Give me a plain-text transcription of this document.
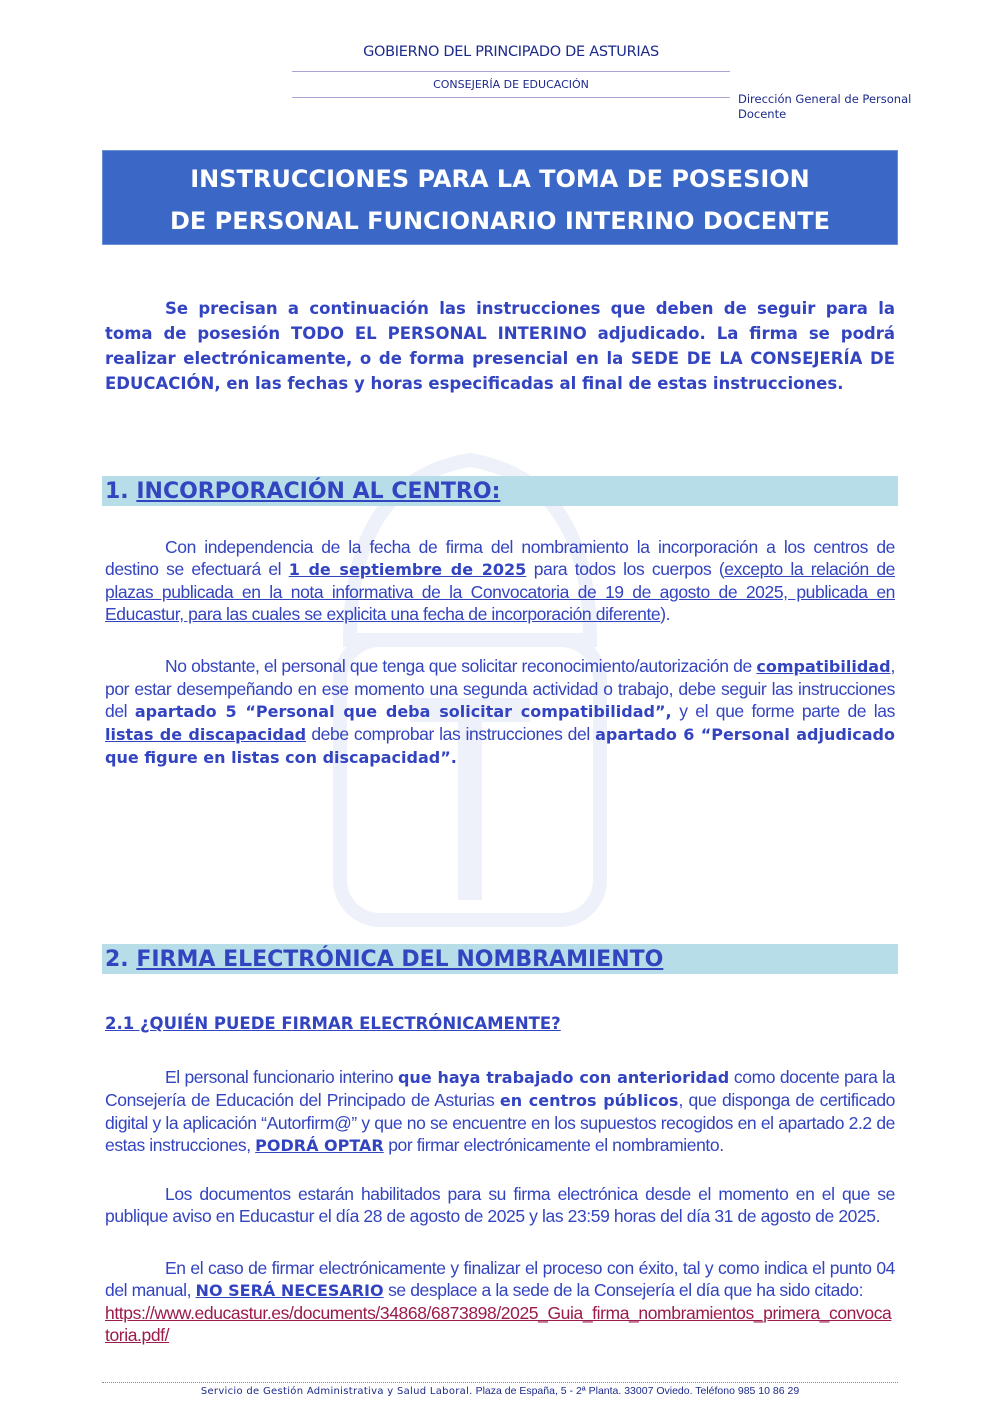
GOBIERNO DEL PRINCIPADO DE ASTURIAS
CONSEJERÍA DE EDUCACIÓN
Dirección General de Personal
Docente
INSTRUCCIONES PARA LA TOMA DE POSESION
DE PERSONAL FUNCIONARIO INTERINO DOCENTE
Se precisan a continuación las instrucciones que deben de seguir para la toma de posesión TODO EL PERSONAL INTERINO adjudicado. La firma se podrá realizar electrónicamente, o de forma presencial en la SEDE DE LA CONSEJERÍA DE EDUCACIÓN, en las fechas y horas especificadas al final de estas instrucciones.
1. INCORPORACIÓN AL CENTRO:
Con independencia de la fecha de firma del nombramiento la incorporación a los centros de destino se efectuará el 1 de septiembre de 2025 para todos los cuerpos (excepto la relación de plazas publicada en la nota informativa de la Convocatoria de 19 de agosto de 2025, publicada en Educastur, para las cuales se explicita una fecha de incorporación diferente).
No obstante, el personal que tenga que solicitar reconocimiento/autorización de compatibilidad, por estar desempeñando en ese momento una segunda actividad o trabajo, debe seguir las instrucciones del apartado 5 “Personal que deba solicitar compatibilidad”, y el que forme parte de las listas de discapacidad debe comprobar las instrucciones del apartado 6 “Personal adjudicado que figure en listas con discapacidad”.
2. FIRMA ELECTRÓNICA DEL NOMBRAMIENTO
2.1 ¿QUIÉN PUEDE FIRMAR ELECTRÓNICAMENTE?
El personal funcionario interino que haya trabajado con anterioridad como docente para la Consejería de Educación del Principado de Asturias en centros públicos, que disponga de certificado digital y la aplicación “Autorfirm@” y que no se encuentre en los supuestos recogidos en el apartado 2.2 de estas instrucciones, PODRÁ OPTAR por firmar electrónicamente el nombramiento.
Los documentos estarán habilitados para su firma electrónica desde el momento en el que se publique aviso en Educastur el día 28 de agosto de 2025 y las 23:59 horas del día 31 de agosto de 2025.
En el caso de firmar electrónicamente y finalizar el proceso con éxito, tal y como indica el punto 04 del manual, NO SERÁ NECESARIO se desplace a la sede de la Consejería el día que ha sido citado:
https://www.educastur.es/documents/34868/6873898/2025_Guia_firma_nombramientos_primera_convocatoria.pdf/
Servicio de Gestión Administrativa y Salud Laboral. Plaza de España, 5 - 2ª Planta. 33007 Oviedo. Teléfono 985 10 86 29
